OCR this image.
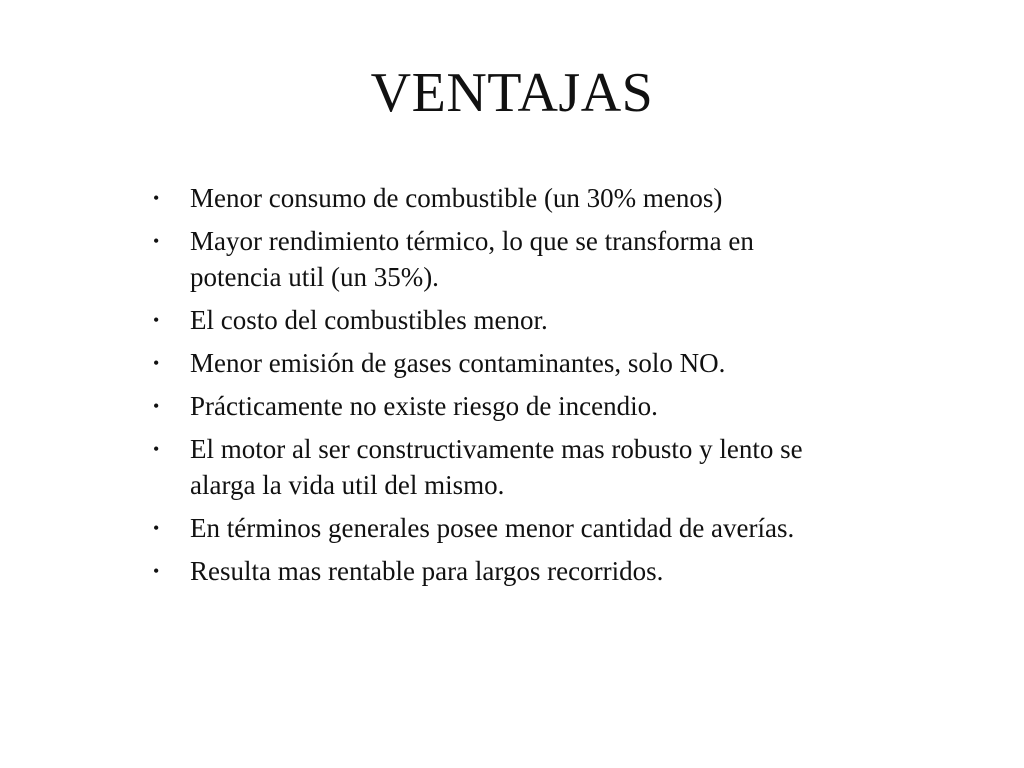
VENTAJAS
• Menor consumo de combustible (un 30% menos)
• Mayor rendimiento térmico, lo que se transforma en potencia util (un 35%).
• El costo del combustibles menor.
• Menor emisión de gases contaminantes, solo NO.
• Prácticamente no existe riesgo de incendio.
• El motor al ser constructivamente mas robusto y lento se alarga la vida util del mismo.
• En términos generales posee menor cantidad de averías.
• Resulta mas rentable para largos recorridos.
